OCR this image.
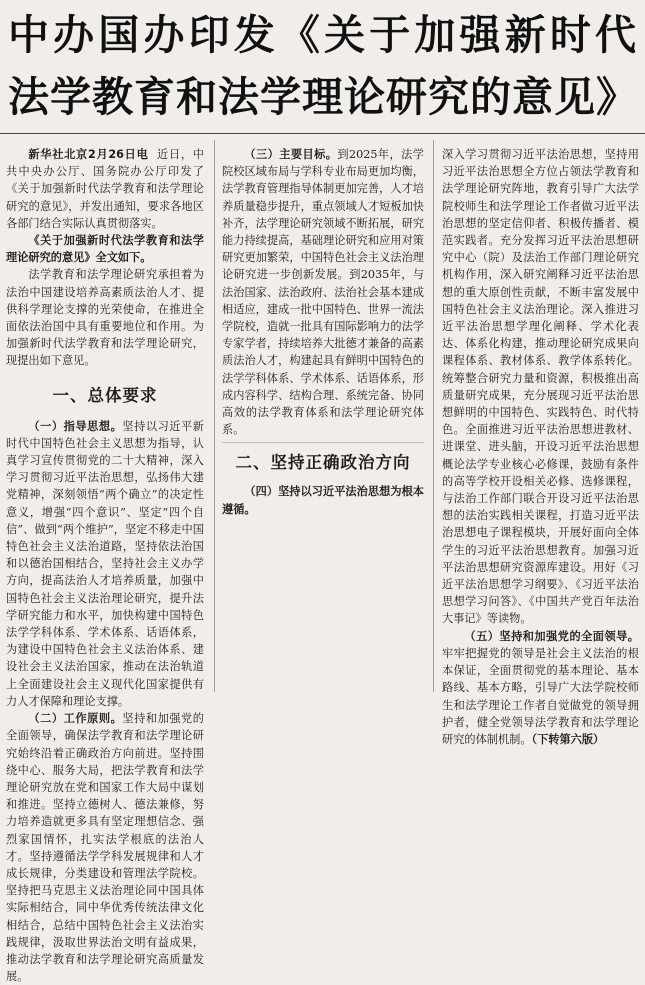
中办国办印发《关于加强新时代
法学教育和法学理论研究的意见》

新华社北京2月26日电 近日，中共中央办公厅、国务院办公厅印发了《关于加强新时代法学教育和法学理论研究的意见》，并发出通知，要求各地区各部门结合实际认真贯彻落实。

《关于加强新时代法学教育和法学理论研究的意见》全文如下。

法学教育和法学理论研究承担着为法治中国建设培养高素质法治人才、提供科学理论支撑的光荣使命，在推进全面依法治国中具有重要地位和作用。为加强新时代法学教育和法学理论研究，现提出如下意见。

一、总体要求

（一）指导思想。坚持以习近平新时代中国特色社会主义思想为指导，认真学习宣传贯彻党的二十大精神，深入学习贯彻习近平法治思想，弘扬伟大建党精神，深刻领悟“两个确立”的决定性意义，增强“四个意识”、坚定“四个自信”、做到“两个维护”，坚定不移走中国特色社会主义法治道路，坚持依法治国和以德治国相结合，坚持社会主义办学方向，提高法治人才培养质量，加强中国特色社会主义法治理论研究，提升法学研究能力和水平，加快构建中国特色法学学科体系、学术体系、话语体系，为建设中国特色社会主义法治体系、建设社会主义法治国家，推动在法治轨道上全面建设社会主义现代化国家提供有力人才保障和理论支撑。

（二）工作原则。坚持和加强党的全面领导，确保法学教育和法学理论研究始终沿着正确政治方向前进。坚持围绕中心、服务大局，把法学教育和法学理论研究放在党和国家工作大局中谋划和推进。坚持立德树人、德法兼修，努力培养造就更多具有坚定理想信念、强烈家国情怀，扎实法学根底的法治人才。坚持遵循法学学科发展规律和人才成长规律，分类建设和管理法学院校。坚持把马克思主义法治理论同中国具体实际相结合，同中华优秀传统法律文化相结合，总结中国特色社会主义法治实践规律，汲取世界法治文明有益成果，推动法学教育和法学理论研究高质量发展。

（三）主要目标。到2025年，法学院校区域布局与学科专业布局更加均衡，法学教育管理指导体制更加完善，人才培养质量稳步提升，重点领域人才短板加快补齐，法学理论研究领域不断拓展，研究能力持续提高，基础理论研究和应用对策研究更加繁荣，中国特色社会主义法治理论研究进一步创新发展。到2035年，与法治国家、法治政府、法治社会基本建成相适应，建成一批中国特色、世界一流法学院校，造就一批具有国际影响力的法学专家学者，持续培养大批德才兼备的高素质法治人才，构建起具有鲜明中国特色的法学学科体系、学术体系、话语体系，形成内容科学、结构合理、系统完备、协同高效的法学教育体系和法学理论研究体系。

二、坚持正确政治方向

（四）坚持以习近平法治思想为根本遵循。

深入学习贯彻习近平法治思想，坚持用习近平法治思想全方位占领法学教育和法学理论研究阵地，教育引导广大法学院校师生和法学理论工作者做习近平法治思想的坚定信仰者、积极传播者、模范实践者。充分发挥习近平法治思想研究中心（院）及法治工作部门理论研究机构作用，深入研究阐释习近平法治思想的重大原创性贡献，不断丰富发展中国特色社会主义法治理论。深入推进习近平法治思想学理化阐释、学术化表达、体系化构建，推动理论研究成果向课程体系、教材体系、教学体系转化。统筹整合研究力量和资源，积极推出高质量研究成果，充分展现习近平法治思想鲜明的中国特色、实践特色、时代特色。全面推进习近平法治思想进教材、进课堂、进头脑，开设习近平法治思想概论法学专业核心必修课，鼓励有条件的高等学校开设相关必修、选修课程，与法治工作部门联合开设习近平法治思想的法治实践相关课程，打造习近平法治思想电子课程模块，开展好面向全体学生的习近平法治思想教育。加强习近平法治思想研究资源库建设。用好《习近平法治思想学习纲要》、《习近平法治思想学习问答》、《中国共产党百年法治大事记》等读物。

（五）坚持和加强党的全面领导。牢牢把握党的领导是社会主义法治的根本保证，全面贯彻党的基本理论、基本路线、基本方略，引导广大法学院校师生和法学理论工作者自觉做党的领导拥护者，健全党领导法学教育和法学理论研究的体制机制。（下转第六版）
